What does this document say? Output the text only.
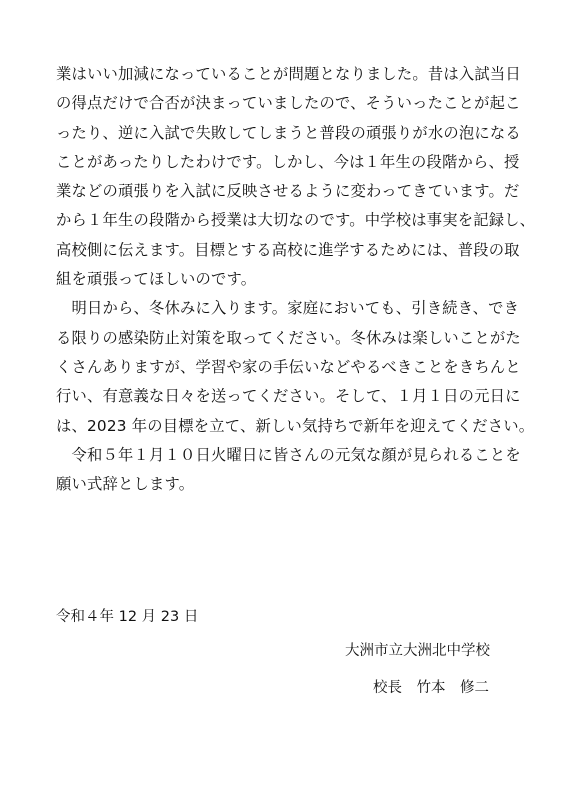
業はいい加減になっていることが問題となりました。昔は入試当日
の得点だけで合否が決まっていましたので、そういったことが起こ
ったり、逆に入試で失敗してしまうと普段の頑張りが水の泡になる
ことがあったりしたわけです。しかし、今は１年生の段階から、授
業などの頑張りを入試に反映させるように変わってきています。だ
から１年生の段階から授業は大切なのです。中学校は事実を記録し、
高校側に伝えます。目標とする高校に進学するためには、普段の取
組を頑張ってほしいのです。
　明日から、冬休みに入ります。家庭においても、引き続き、でき
る限りの感染防止対策を取ってください。冬休みは楽しいことがた
くさんありますが、学習や家の手伝いなどやるべきことをきちんと
行い、有意義な日々を送ってください。そして、１月１日の元日に
は、2023 年の目標を立て、新しい気持ちで新年を迎えてください。
　令和５年１月１０日火曜日に皆さんの元気な顔が見られることを
願い式辞とします。
令和４年 12 月 23 日
大洲市立大洲北中学校
校長　竹本　修二
